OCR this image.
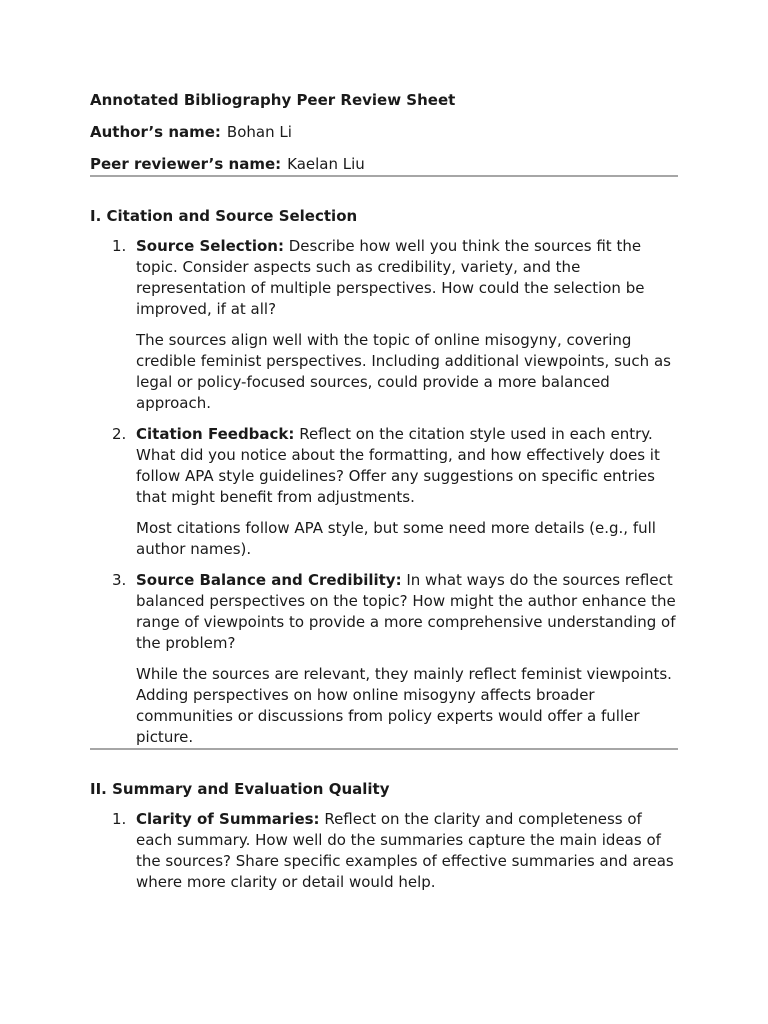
Annotated Bibliography Peer Review Sheet

Author’s name: Bohan Li

Peer reviewer’s name: Kaelan Liu

I. Citation and Source Selection

1. Source Selection: Describe how well you think the sources fit the topic. Consider aspects such as credibility, variety, and the representation of multiple perspectives. How could the selection be improved, if at all?

The sources align well with the topic of online misogyny, covering credible feminist perspectives. Including additional viewpoints, such as legal or policy-focused sources, could provide a more balanced approach.

2. Citation Feedback: Reflect on the citation style used in each entry. What did you notice about the formatting, and how effectively does it follow APA style guidelines? Offer any suggestions on specific entries that might benefit from adjustments.

Most citations follow APA style, but some need more details (e.g., full author names).

3. Source Balance and Credibility: In what ways do the sources reflect balanced perspectives on the topic? How might the author enhance the range of viewpoints to provide a more comprehensive understanding of the problem?

While the sources are relevant, they mainly reflect feminist viewpoints. Adding perspectives on how online misogyny affects broader communities or discussions from policy experts would offer a fuller picture.

II. Summary and Evaluation Quality

1. Clarity of Summaries: Reflect on the clarity and completeness of each summary. How well do the summaries capture the main ideas of the sources? Share specific examples of effective summaries and areas where more clarity or detail would help.
